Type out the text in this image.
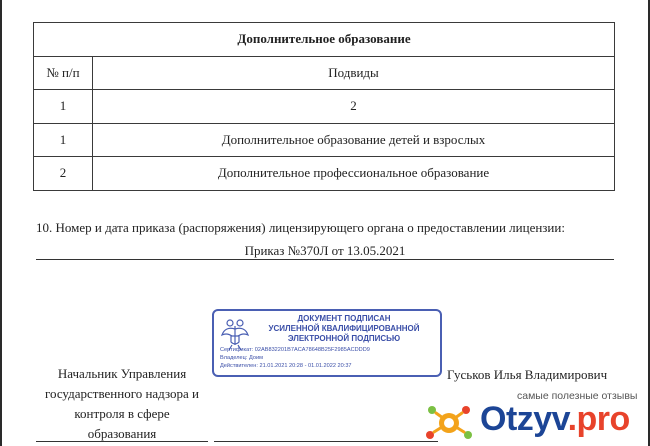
Дополнительное образование	
№ п/п	Подвиды
1	2
1	Дополнительное образование детей и взрослых
2	Дополнительное профессиональное образование
10. Номер и дата приказа (распоряжения) лицензирующего органа о предоставлении лицензии:
Приказ №370Л от 13.05.2021
ДОКУМЕНТ ПОДПИСАН
УСИЛЕННОЙ КВАЛИФИЦИРОВАННОЙ
ЭЛЕКТРОННОЙ ПОДПИСЬЮ
Сертификат: 02AB832201B7ACA78648B25F2985ACDDD9
Владелец: Доим
Действителен: 21.01.2021 20:28 - 01.01.2022 20:37
Начальник Управления
государственного надзора и
контроля в сфере
образования
Гуськов Илья Владимирович
самые полезные отзывы
Otzyv.pro
